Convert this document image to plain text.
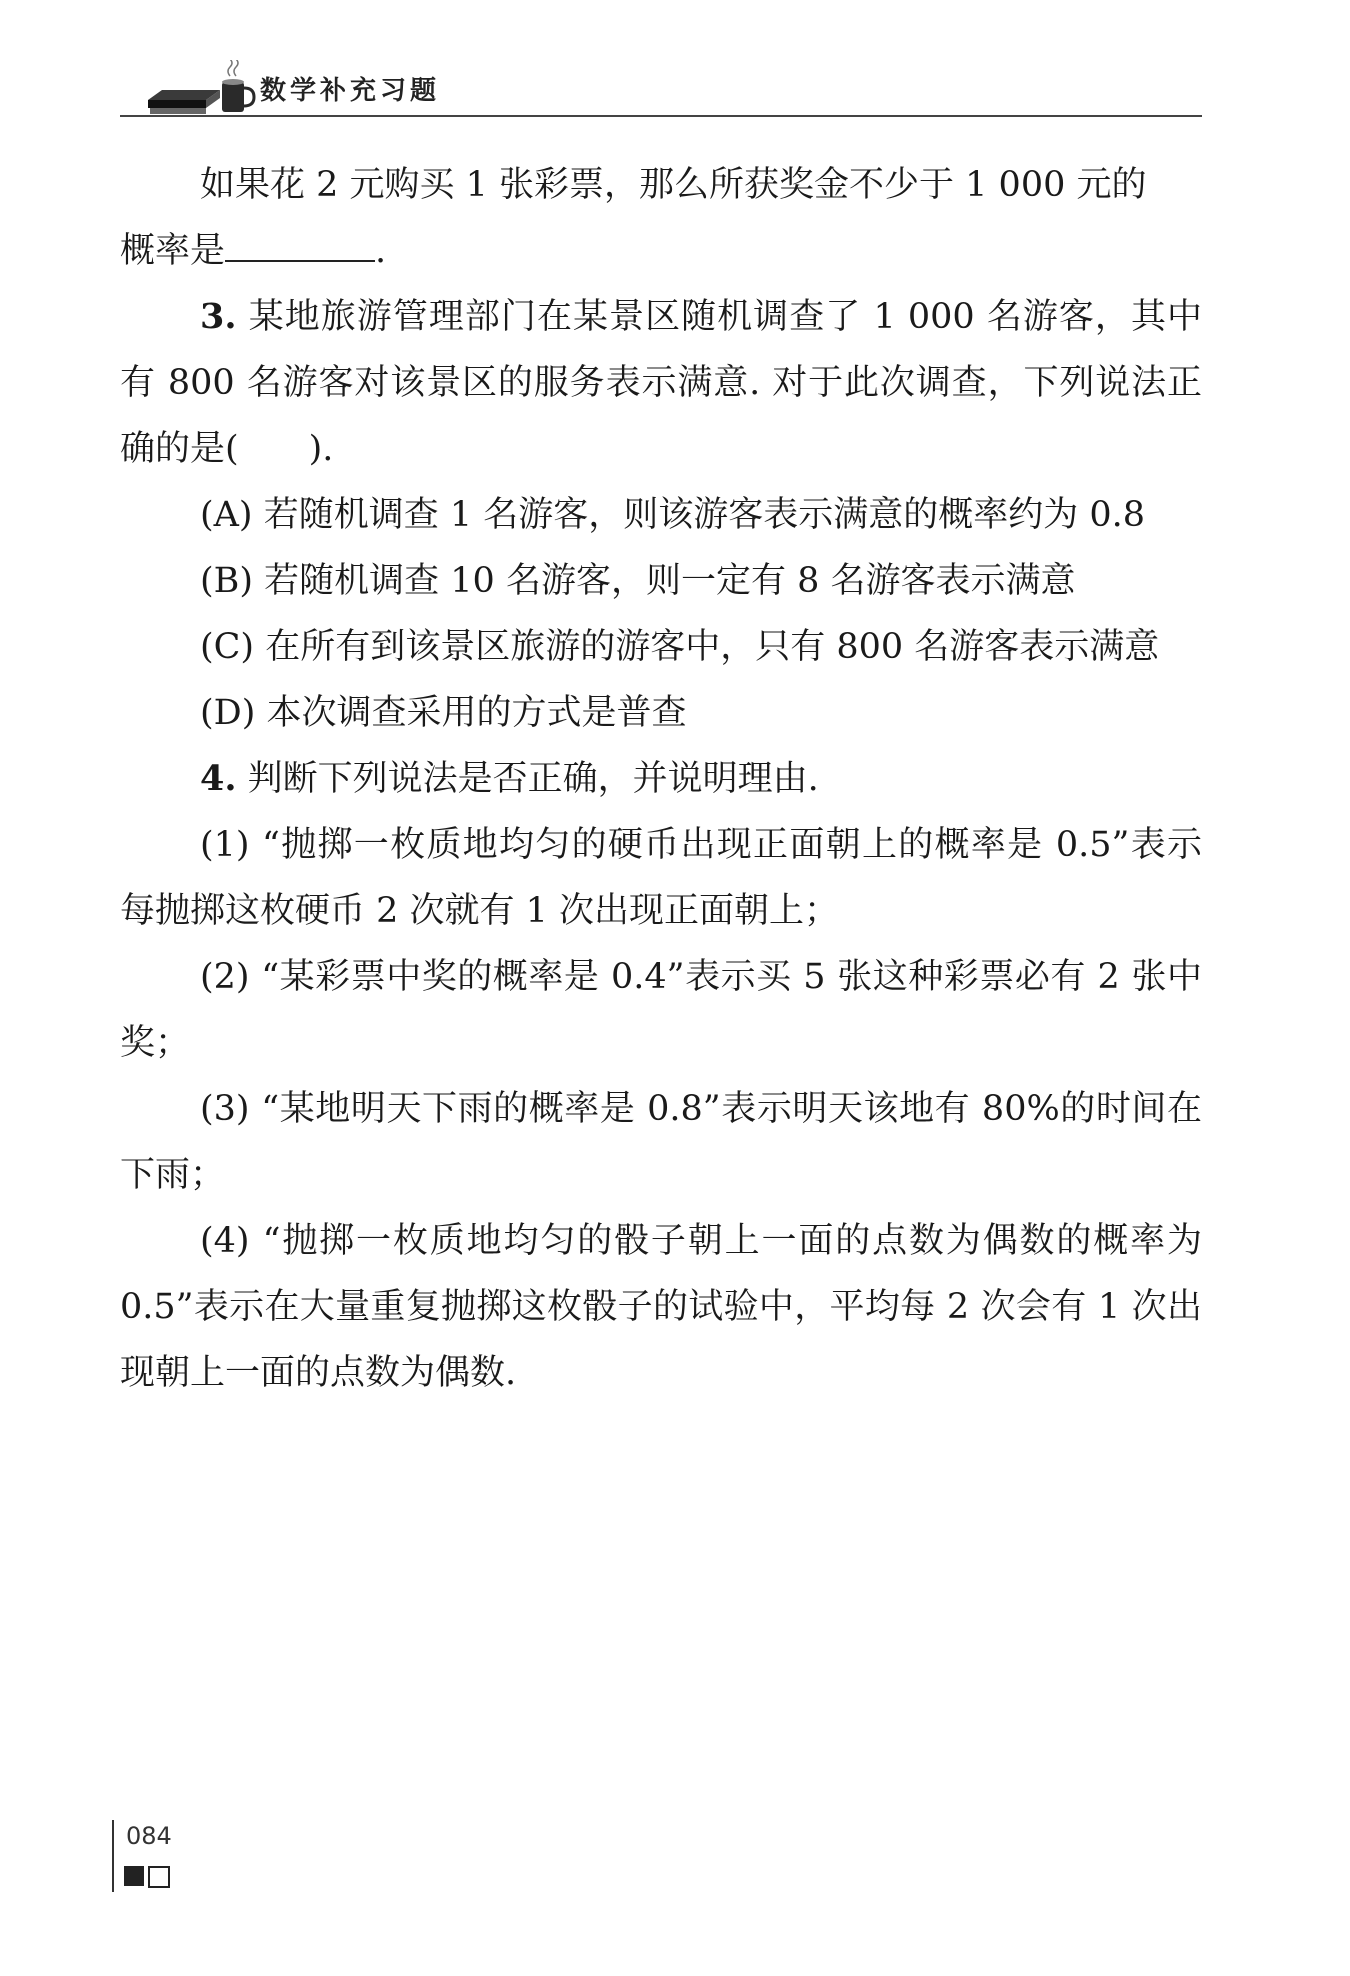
数学补充习题

如果花 2 元购买 1 张彩票，那么所获奖金不少于 1 000 元的

概率是	.

3. 某地旅游管理部门在某景区随机调查了 1 000 名游客，其中有 800 名游客对该景区的服务表示满意. 对于此次调查，下列说法正确的是(　　).

(A) 若随机调查 1 名游客，则该游客表示满意的概率约为 0.8

(B) 若随机调查 10 名游客，则一定有 8 名游客表示满意

(C) 在所有到该景区旅游的游客中，只有 800 名游客表示满意

(D) 本次调查采用的方式是普查

4. 判断下列说法是否正确，并说明理由.

(1) “抛掷一枚质地均匀的硬币出现正面朝上的概率是 0.5”表示每抛掷这枚硬币 2 次就有 1 次出现正面朝上；

(2) “某彩票中奖的概率是 0.4”表示买 5 张这种彩票必有 2 张中奖；

(3) “某地明天下雨的概率是 0.8”表示明天该地有 80%的时间在下雨；

(4) “抛掷一枚质地均匀的骰子朝上一面的点数为偶数的概率为 0.5”表示在大量重复抛掷这枚骰子的试验中，平均每 2 次会有 1 次出现朝上一面的点数为偶数.

084
